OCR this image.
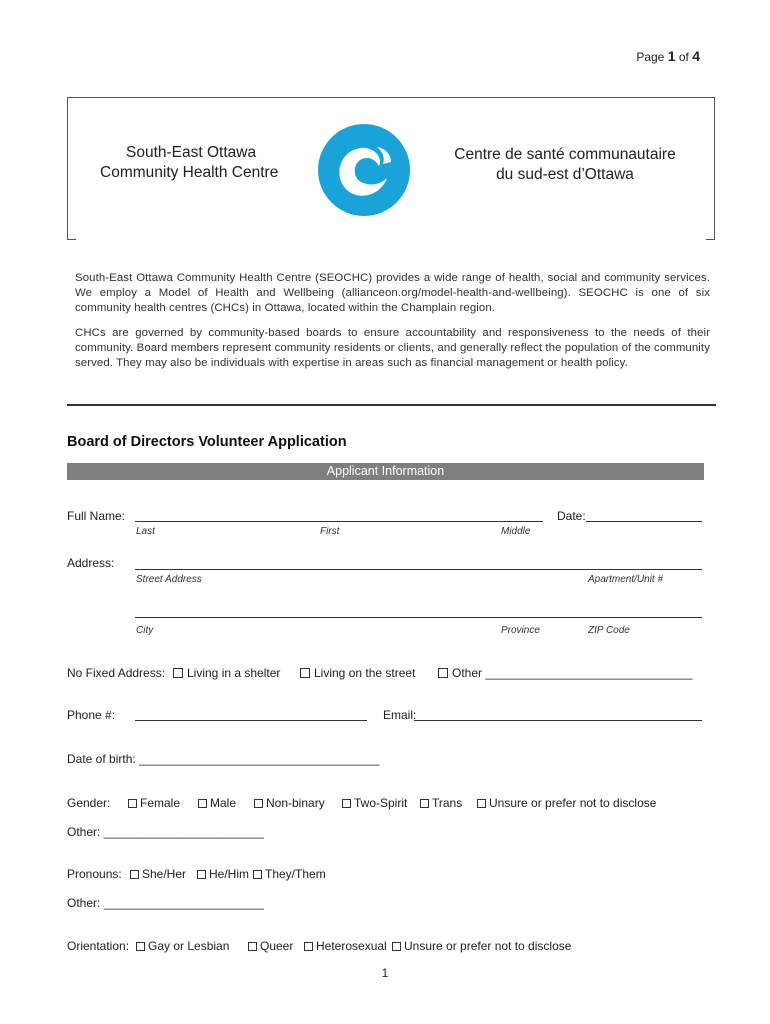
Page 1 of 4
South-East Ottawa
Community Health Centre
Centre de santé communautaire
du sud-est d’Ottawa

South-East Ottawa Community Health Centre (SEOCHC) provides a wide range of health, social and community services. We employ a Model of Health and Wellbeing (allianceon.org/model-health-and-wellbeing). SEOCHC is one of six community health centres (CHCs) in Ottawa, located within the Champlain region.

CHCs are governed by community-based boards to ensure accountability and responsiveness to the needs of their community. Board members represent community residents or clients, and generally reflect the population of the community served. They may also be individuals with expertise in areas such as financial management or health policy.

Board of Directors Volunteer Application
Applicant Information
Full Name:
Last	First	Middle
Date:
Address:
Street Address	Apartment/Unit #
City	Province	ZIP Code
No Fixed Address:	Living in a shelter	Living on the street	Other _______________________________
Phone #:	Email:
Date of birth: ____________________________________
Gender:	Female	Male	Non-binary	Two-Spirit	Trans	Unsure or prefer not to disclose
Other: ________________________
Pronouns:	She/Her	He/Him	They/Them
Other: ________________________
Orientation:	Gay or Lesbian	Queer	Heterosexual	Unsure or prefer not to disclose
1
